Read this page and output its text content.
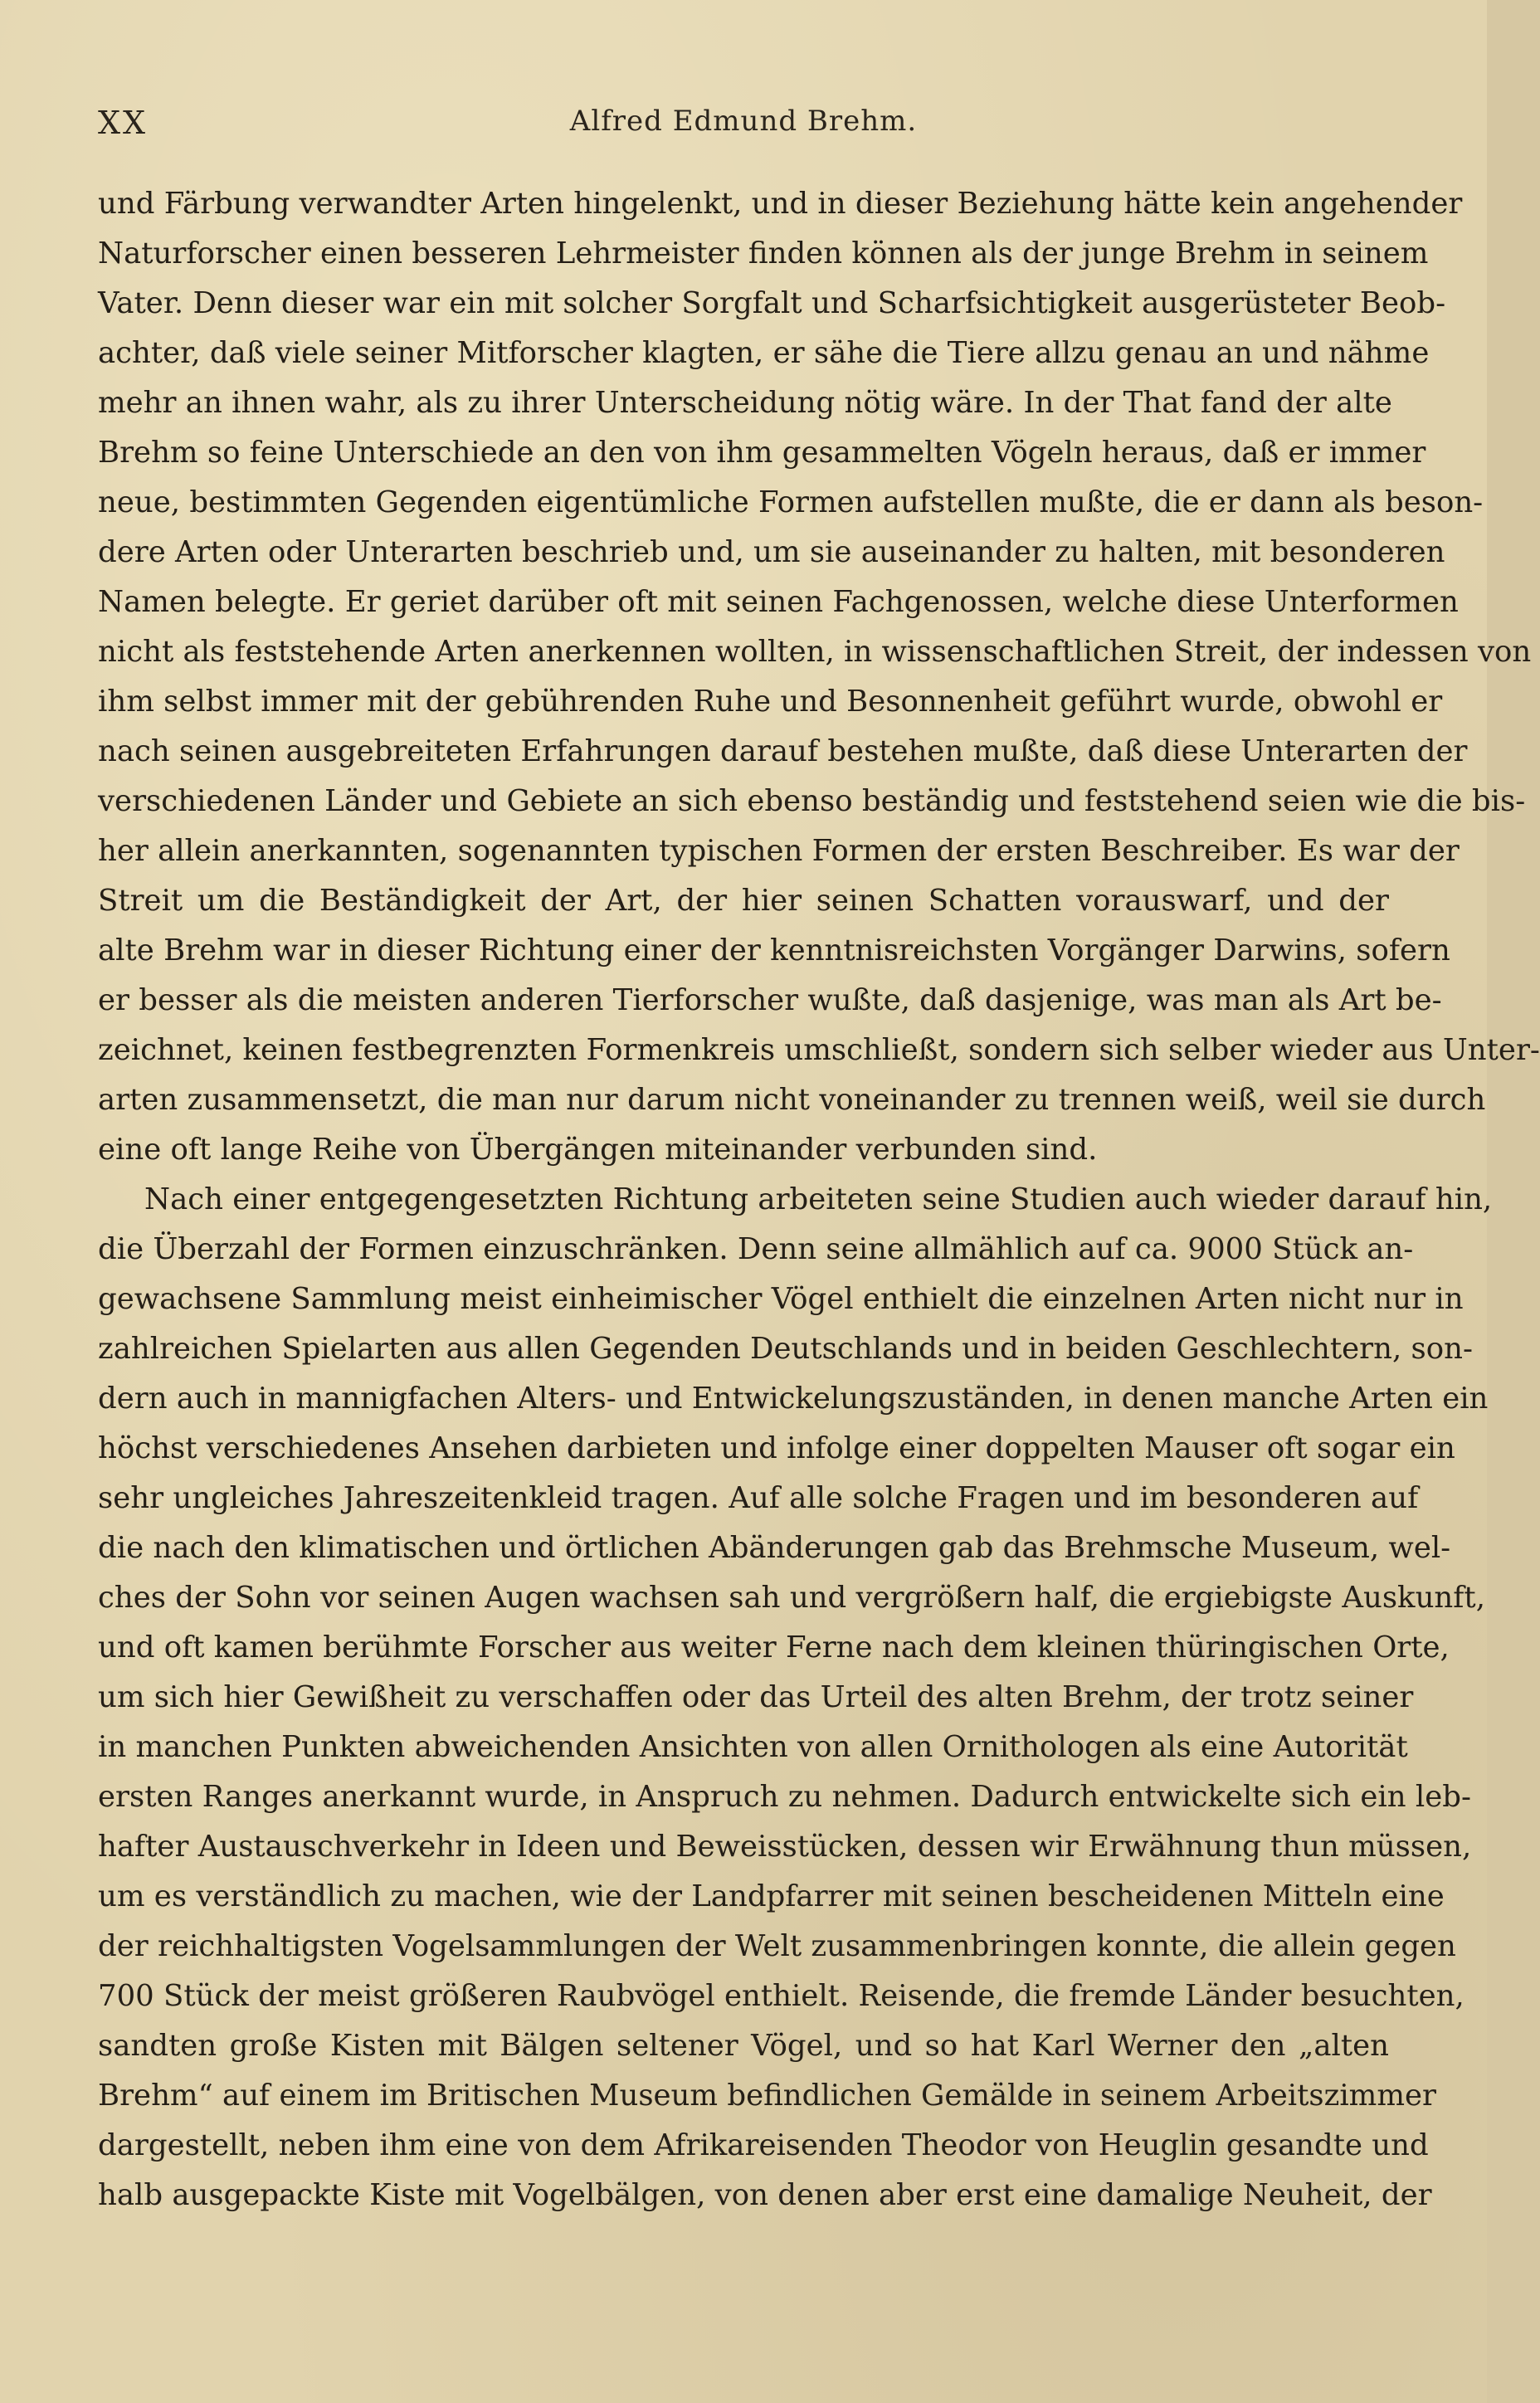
XX	Alfred Edmund Brehm.
und Färbung verwandter Arten hingelenkt, und in dieser Beziehung hätte kein angehender
Naturforscher einen besseren Lehrmeister finden können als der junge Brehm in seinem
Vater. Denn dieser war ein mit solcher Sorgfalt und Scharfsichtigkeit ausgerüsteter Beob-
achter, daß viele seiner Mitforscher klagten, er sähe die Tiere allzu genau an und nähme
mehr an ihnen wahr, als zu ihrer Unterscheidung nötig wäre. In der That fand der alte
Brehm so feine Unterschiede an den von ihm gesammelten Vögeln heraus, daß er immer
neue, bestimmten Gegenden eigentümliche Formen aufstellen mußte, die er dann als beson-
dere Arten oder Unterarten beschrieb und, um sie auseinander zu halten, mit besonderen
Namen belegte. Er geriet darüber oft mit seinen Fachgenossen, welche diese Unterformen
nicht als feststehende Arten anerkennen wollten, in wissenschaftlichen Streit, der indessen von
ihm selbst immer mit der gebührenden Ruhe und Besonnenheit geführt wurde, obwohl er
nach seinen ausgebreiteten Erfahrungen darauf bestehen mußte, daß diese Unterarten der
verschiedenen Länder und Gebiete an sich ebenso beständig und feststehend seien wie die bis-
her allein anerkannten, sogenannten typischen Formen der ersten Beschreiber. Es war der
Streit um die Beständigkeit der Art, der hier seinen Schatten vorauswarf, und der
alte Brehm war in dieser Richtung einer der kenntnisreichsten Vorgänger Darwins, sofern
er besser als die meisten anderen Tierforscher wußte, daß dasjenige, was man als Art be-
zeichnet, keinen festbegrenzten Formenkreis umschließt, sondern sich selber wieder aus Unter-
arten zusammensetzt, die man nur darum nicht voneinander zu trennen weiß, weil sie durch
eine oft lange Reihe von Übergängen miteinander verbunden sind.
Nach einer entgegengesetzten Richtung arbeiteten seine Studien auch wieder darauf hin,
die Überzahl der Formen einzuschränken. Denn seine allmählich auf ca. 9000 Stück an-
gewachsene Sammlung meist einheimischer Vögel enthielt die einzelnen Arten nicht nur in
zahlreichen Spielarten aus allen Gegenden Deutschlands und in beiden Geschlechtern, son-
dern auch in mannigfachen Alters- und Entwickelungszuständen, in denen manche Arten ein
höchst verschiedenes Ansehen darbieten und infolge einer doppelten Mauser oft sogar ein
sehr ungleiches Jahreszeitenkleid tragen. Auf alle solche Fragen und im besonderen auf
die nach den klimatischen und örtlichen Abänderungen gab das Brehmsche Museum, wel-
ches der Sohn vor seinen Augen wachsen sah und vergrößern half, die ergiebigste Auskunft,
und oft kamen berühmte Forscher aus weiter Ferne nach dem kleinen thüringischen Orte,
um sich hier Gewißheit zu verschaffen oder das Urteil des alten Brehm, der trotz seiner
in manchen Punkten abweichenden Ansichten von allen Ornithologen als eine Autorität
ersten Ranges anerkannt wurde, in Anspruch zu nehmen. Dadurch entwickelte sich ein leb-
hafter Austauschverkehr in Ideen und Beweisstücken, dessen wir Erwähnung thun müssen,
um es verständlich zu machen, wie der Landpfarrer mit seinen bescheidenen Mitteln eine
der reichhaltigsten Vogelsammlungen der Welt zusammenbringen konnte, die allein gegen
700 Stück der meist größeren Raubvögel enthielt. Reisende, die fremde Länder besuchten,
sandten große Kisten mit Bälgen seltener Vögel, und so hat Karl Werner den „alten
Brehm“ auf einem im Britischen Museum befindlichen Gemälde in seinem Arbeitszimmer
dargestellt, neben ihm eine von dem Afrikareisenden Theodor von Heuglin gesandte und
halb ausgepackte Kiste mit Vogelbälgen, von denen aber erst eine damalige Neuheit, der
